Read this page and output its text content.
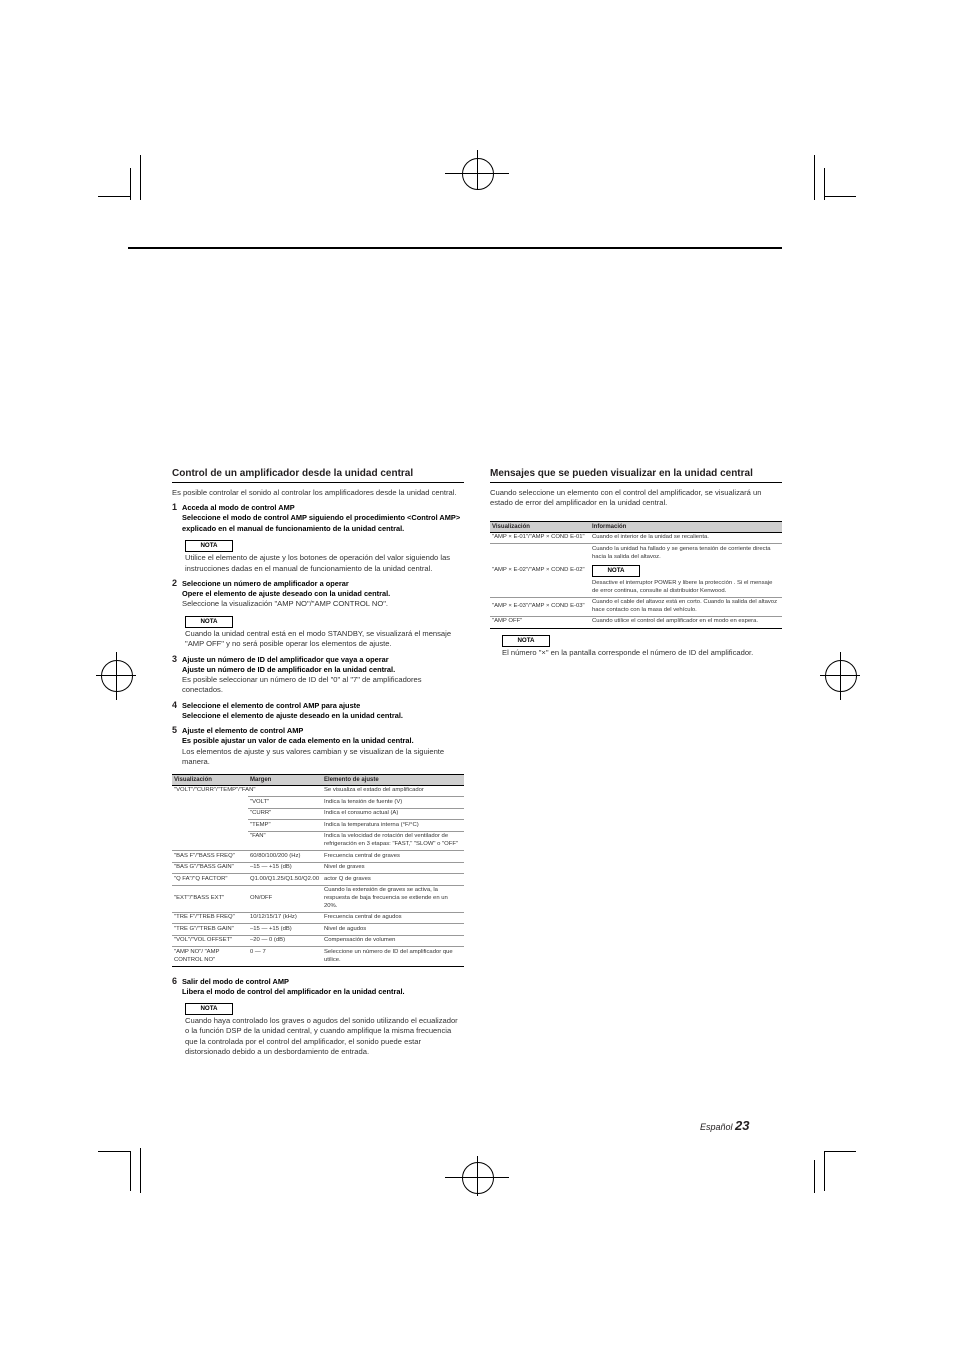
Control de un amplificador desde la unidad central

Es posible controlar el sonido al controlar los amplificadores desde la unidad central.

1 Acceda al modo de control AMP

Seleccione el modo de control AMP siguiendo el procedimiento <Control AMP> explicado en el manual de funcionamiento de la unidad central.

NOTA

Utilice el elemento de ajuste y los botones de operación del valor siguiendo las instrucciones dadas en el manual de funcionamiento de la unidad central.

2 Seleccione un número de amplificador a operar

Opere el elemento de ajuste deseado con la unidad central.

Seleccione la visualización "AMP NO"/"AMP CONTROL NO".

NOTA

Cuando la unidad central está en el modo STANDBY, se visualizará el mensaje "AMP OFF" y no será posible operar los elementos de ajuste.

3 Ajuste un número de ID del amplificador que vaya a operar

Ajuste un número de ID de amplificador en la unidad central.

Es posible seleccionar un número de ID del "0" al "7" de amplificadores conectados.

4 Seleccione el elemento de control AMP para ajuste

Seleccione el elemento de ajuste deseado en la unidad central.

5 Ajuste el elemento de control AMP

Es posible ajustar un valor de cada elemento en la unidad central.

Los elementos de ajuste y sus valores cambian y se visualizan de la siguiente manera.

Visualización	Margen	Elemento de ajuste
"VOLT"/"CURR"/"TEMP"/"FAN"		Se visualiza el estado del amplificador
	"VOLT"	Indica la tensión de fuente (V)
	"CURR"	Indica el consumo actual (A)
	"TEMP"	Indica la temperatura interna (°F/°C)
	"FAN"	Indica la velocidad de rotación del ventilador de refrigeración en 3 etapas: "FAST," "SLOW" o "OFF"
"BAS F"/"BASS FREQ"	60/80/100/200 (Hz)	Frecuencia central de graves
"BAS G"/"BASS GAIN"	–15 — +15 (dB)	Nivel de graves
"Q FA"/"Q FACTOR"	Q1.00/Q1.25/Q1.50/Q2.00	actor Q de graves
"EXT"/"BASS EXT"	ON/OFF	Cuando la extensión de graves se activa, la respuesta de baja frecuencia se extiende en un 20%.
"TRE F"/"TREB FREQ"	10/12/15/17 (kHz)	Frecuencia central de agudos
"TRE G"/"TREB GAIN"	–15 — +15 (dB)	Nivel de agudos
"VOL"/"VOL OFFSET"	–20 — 0 (dB)	Compensación de volumen
"AMP NO"/ "AMP CONTROL NO"	0 — 7	Seleccione un número de ID del amplificador que utilice.
6 Salir del modo de control AMP

Libera el modo de control del amplificador en la unidad central.

NOTA

Cuando haya controlado los graves o agudos del sonido utilizando el ecualizador o la función DSP de la unidad central, y cuando amplifique la misma frecuencia que la controlada por el control del amplificador, el sonido puede estar distorsionado debido a un desbordamiento de entrada.

Mensajes que se pueden visualizar en la unidad central

Cuando seleccione un elemento con el control del amplificador, se visualizará un estado de error del amplificador en la unidad central.

Visualización	Información
"AMP × E-01"/"AMP × COND E-01"	Cuando el interior de la unidad se recalienta.
"AMP × E-02"/"AMP × COND E-02"	Cuando la unidad ha fallado y se genera tensión de corriente directa hacia la salida del altavoz.
NOTA
Desactive el interruptor POWER y libere la protección . Si el mensaje de error continua, consulte al distribuidor Kenwood.

"AMP × E-03"/"AMP × COND E-03"	Cuando el cable del altavoz está en corto. Cuando la salida del altavoz hace contacto con la masa del vehículo.
"AMP OFF"	Cuando utilice el control del amplificador en el modo en espera.
NOTA

El número "×" en la pantalla corresponde el número de ID del amplificador.

Español 23
